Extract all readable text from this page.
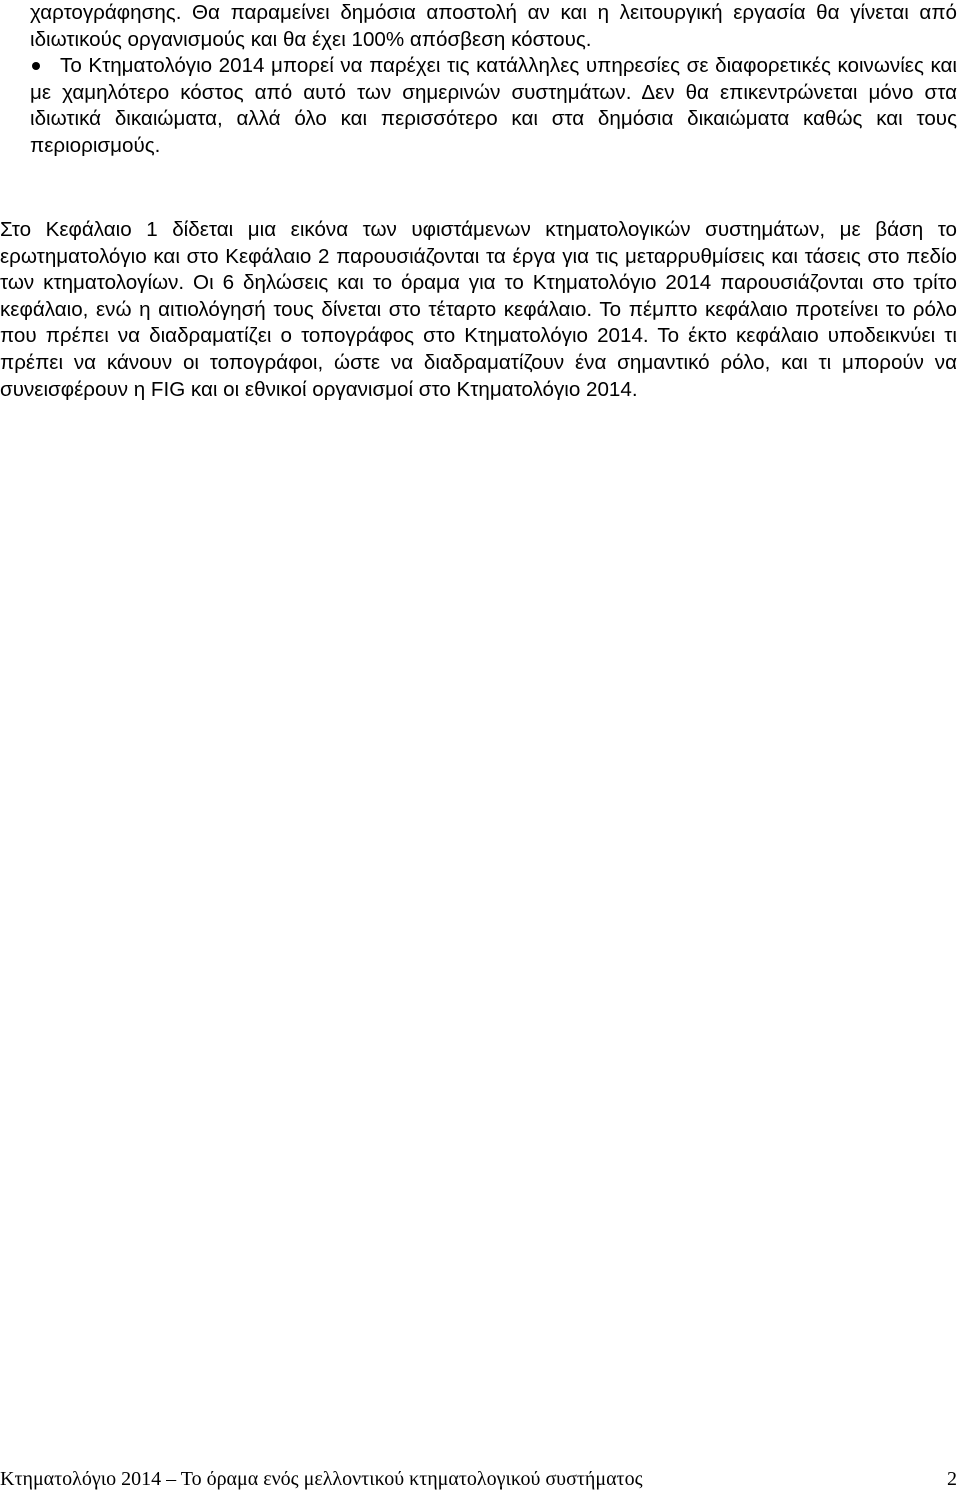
χαρτογράφησης. Θα παραμείνει δημόσια αποστολή αν και η λειτουργική εργασία θα γίνεται από ιδιωτικούς οργανισμούς και θα έχει 100% απόσβεση κόστους.

Το Κτηματολόγιο 2014 μπορεί να παρέχει τις κατάλληλες υπηρεσίες σε διαφορετικές κοινωνίες και με χαμηλότερο κόστος από αυτό των σημερινών συστημάτων. Δεν θα επικεντρώνεται μόνο στα ιδιωτικά δικαιώματα, αλλά όλο και περισσότερο και στα δημόσια δικαιώματα καθώς και τους περιορισμούς.

Στο Κεφάλαιο 1 δίδεται μια εικόνα των υφιστάμενων κτηματολογικών συστημάτων, με βάση το ερωτηματολόγιο και στο Κεφάλαιο 2 παρουσιάζονται τα έργα για τις μεταρρυθμίσεις και τάσεις στο πεδίο των κτηματολογίων. Οι 6 δηλώσεις και το όραμα για το Κτηματολόγιο 2014 παρουσιάζονται στο τρίτο κεφάλαιο, ενώ η αιτιολόγησή τους δίνεται στο τέταρτο κεφάλαιο. Το πέμπτο κεφάλαιο προτείνει το ρόλο που πρέπει να διαδραματίζει ο τοπογράφος στο Κτηματολόγιο 2014. Το έκτο κεφάλαιο υποδεικνύει τι πρέπει να κάνουν οι τοπογράφοι, ώστε να διαδραματίζουν ένα σημαντικό ρόλο, και τι μπορούν να συνεισφέρουν η FIG και οι εθνικοί οργανισμοί στο Κτηματολόγιο 2014.

Κτηματολόγιο 2014 – Το όραμα ενός μελλοντικού κτηματολογικού συστήματος	2
